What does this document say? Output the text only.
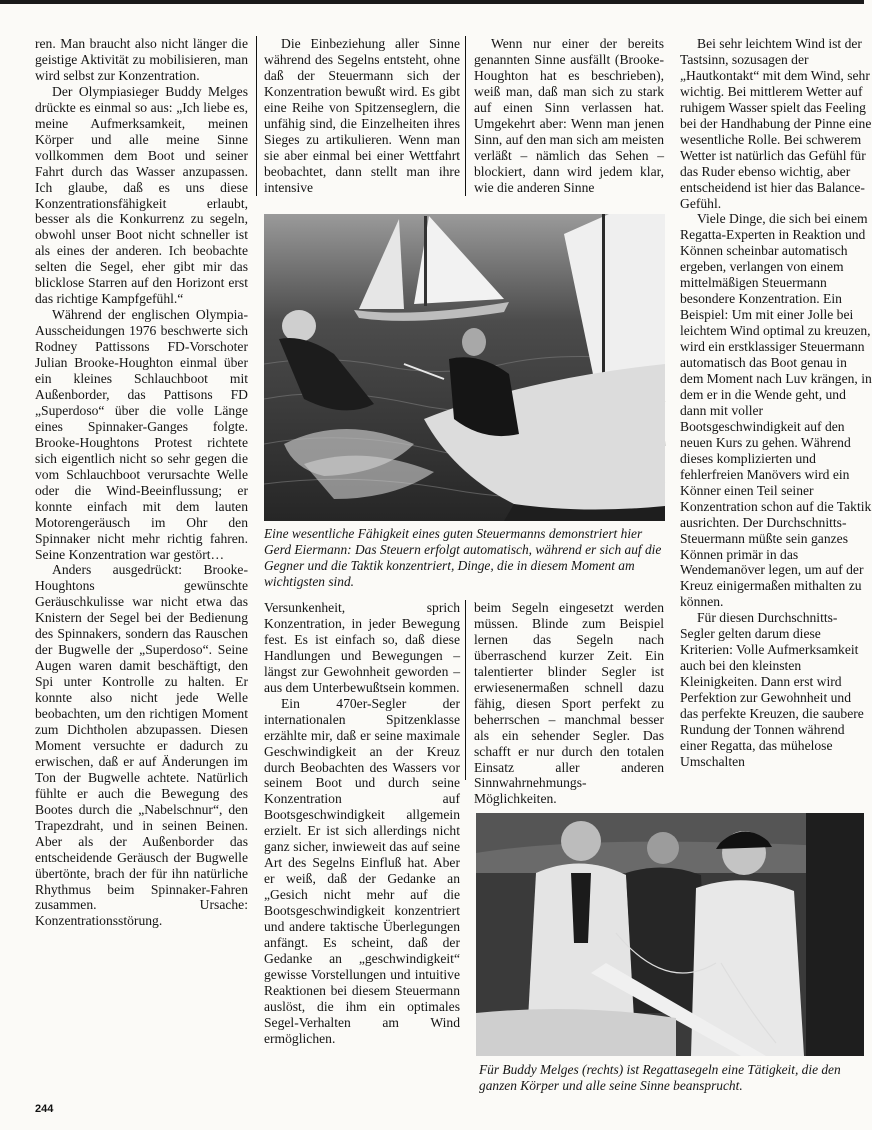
ren. Man braucht also nicht länger die geistige Aktivität zu mobilisieren, man wird selbst zur Konzentration.

Der Olympiasieger Buddy Melges drückte es einmal so aus: „Ich liebe es, meine Aufmerksamkeit, meinen Körper und alle meine Sinne vollkommen dem Boot und seiner Fahrt durch das Wasser anzupassen. Ich glaube, daß es uns diese Konzentrationsfähigkeit erlaubt, besser als die Konkurrenz zu segeln, obwohl unser Boot nicht schneller ist als eines der anderen. Ich beobachte selten die Segel, eher gibt mir das blicklose Starren auf den Horizont erst das richtige Kampfgefühl.“

Während der englischen Olympia-Ausscheidungen 1976 beschwerte sich Rodney Pattissons FD-Vorschoter Julian Brooke-Houghton einmal über ein kleines Schlauchboot mit Außenborder, das Pattisons FD „Superdoso“ über die volle Länge eines Spinnaker-Ganges folgte. Brooke-Houghtons Protest richtete sich eigentlich nicht so sehr gegen die vom Schlauchboot verursachte Welle oder die Wind-Beeinflussung; er konnte einfach mit dem lauten Motorengeräusch im Ohr den Spinnaker nicht mehr richtig fahren. Seine Konzentration war gestört…

Anders ausgedrückt: Brooke-Houghtons gewünschte Geräuschkulisse war nicht etwa das Knistern der Segel bei der Bedienung des Spinnakers, sondern das Rauschen der Bugwelle der „Superdoso“. Seine Augen waren damit beschäftigt, den Spi unter Kontrolle zu halten. Er konnte also nicht jede Welle beobachten, um den richtigen Moment zum Dichtholen abzupassen. Diesen Moment versuchte er dadurch zu erwischen, daß er auf Änderungen im Ton der Bugwelle achtete. Natürlich fühlte er auch die Bewegung des Bootes durch die „Nabelschnur“, den Trapezdraht, und in seinen Beinen. Aber als der Außenborder das entscheidende Geräusch der Bugwelle übertönte, brach der für ihn natürliche Rhythmus beim Spinnaker-Fahren zusammen. Ursache: Konzentrationsstörung.

Die Einbeziehung aller Sinne während des Segelns entsteht, ohne daß der Steuermann sich der Konzentration bewußt wird. Es gibt eine Reihe von Spitzenseglern, die unfähig sind, die Einzelheiten ihres Sieges zu artikulieren. Wenn man sie aber einmal bei einer Wettfahrt beobachtet, dann stellt man ihre intensive

Wenn nur einer der bereits genannten Sinne ausfällt (Brooke-Houghton hat es beschrieben), weiß man, daß man sich zu stark auf einen Sinn verlassen hat. Umgekehrt aber: Wenn man jenen Sinn, auf den man sich am meisten verläßt – nämlich das Sehen – blockiert, dann wird jedem klar, wie die anderen Sinne

Eine wesentliche Fähigkeit eines guten Steuermanns demonstriert hier Gerd Eiermann: Das Steuern erfolgt automatisch, während er sich auf die Gegner und die Taktik konzentriert, Dinge, die in diesem Moment am wichtigsten sind.

Versunkenheit, sprich Konzentration, in jeder Bewegung fest. Es ist einfach so, daß diese Handlungen und Bewegungen – längst zur Gewohnheit geworden – aus dem Unterbewußtsein kommen.

Ein 470er-Segler der internationalen Spitzenklasse erzählte mir, daß er seine maximale Geschwindigkeit an der Kreuz durch Beobachten des Wassers vor seinem Boot und durch seine Konzentration auf Bootsgeschwindigkeit allgemein erzielt. Er ist sich allerdings nicht ganz sicher, inwieweit das auf seine Art des Segelns Einfluß hat. Aber er weiß, daß der Gedanke an „Gesich nicht mehr auf die Bootsgeschwindigkeit konzentriert und andere taktische Überlegungen anfängt. Es scheint, daß der Gedanke an „geschwindigkeit“ gewisse Vorstellungen und intuitive Reaktionen bei diesem Steuermann auslöst, die ihm ein optimales Segel-Verhalten am Wind ermöglichen.

beim Segeln eingesetzt werden müssen. Blinde zum Beispiel lernen das Segeln nach überraschend kurzer Zeit. Ein talentierter blinder Segler ist erwiesenermaßen schnell dazu fähig, diesen Sport perfekt zu beherrschen – manchmal besser als ein sehender Segler. Das schafft er nur durch den totalen Einsatz aller anderen Sinnwahrnehmungs-Möglichkeiten.

Für Buddy Melges (rechts) ist Regattasegeln eine Tätigkeit, die den ganzen Körper und alle seine Sinne beansprucht.

Bei sehr leichtem Wind ist der Tastsinn, sozusagen der „Hautkontakt“ mit dem Wind, sehr wichtig. Bei mittlerem Wetter auf ruhigem Wasser spielt das Feeling bei der Handhabung der Pinne eine wesentliche Rolle. Bei schwerem Wetter ist natürlich das Gefühl für das Ruder ebenso wichtig, aber entscheidend ist hier das Balance-Gefühl.

Viele Dinge, die sich bei einem Regatta-Experten in Reaktion und Können scheinbar automatisch ergeben, verlangen von einem mittelmäßigen Steuermann besondere Konzentration. Ein Beispiel: Um mit einer Jolle bei leichtem Wind optimal zu kreuzen, wird ein erstklassiger Steuermann automatisch das Boot genau in dem Moment nach Luv krängen, in dem er in die Wende geht, und dann mit voller Bootsgeschwindigkeit auf den neuen Kurs zu gehen. Während dieses komplizierten und fehlerfreien Manövers wird ein Könner einen Teil seiner Konzentration schon auf die Taktik ausrichten. Der Durchschnitts-Steuermann müßte sein ganzes Können primär in das Wendemanöver legen, um auf der Kreuz einigermaßen mithalten zu können.

Für diesen Durchschnitts-Segler gelten darum diese Kriterien: Volle Aufmerksamkeit auch bei den kleinsten Kleinigkeiten. Dann erst wird Perfektion zur Gewohnheit und das perfekte Kreuzen, die saubere Rundung der Tonnen während einer Regatta, das mühelose Umschalten

244
